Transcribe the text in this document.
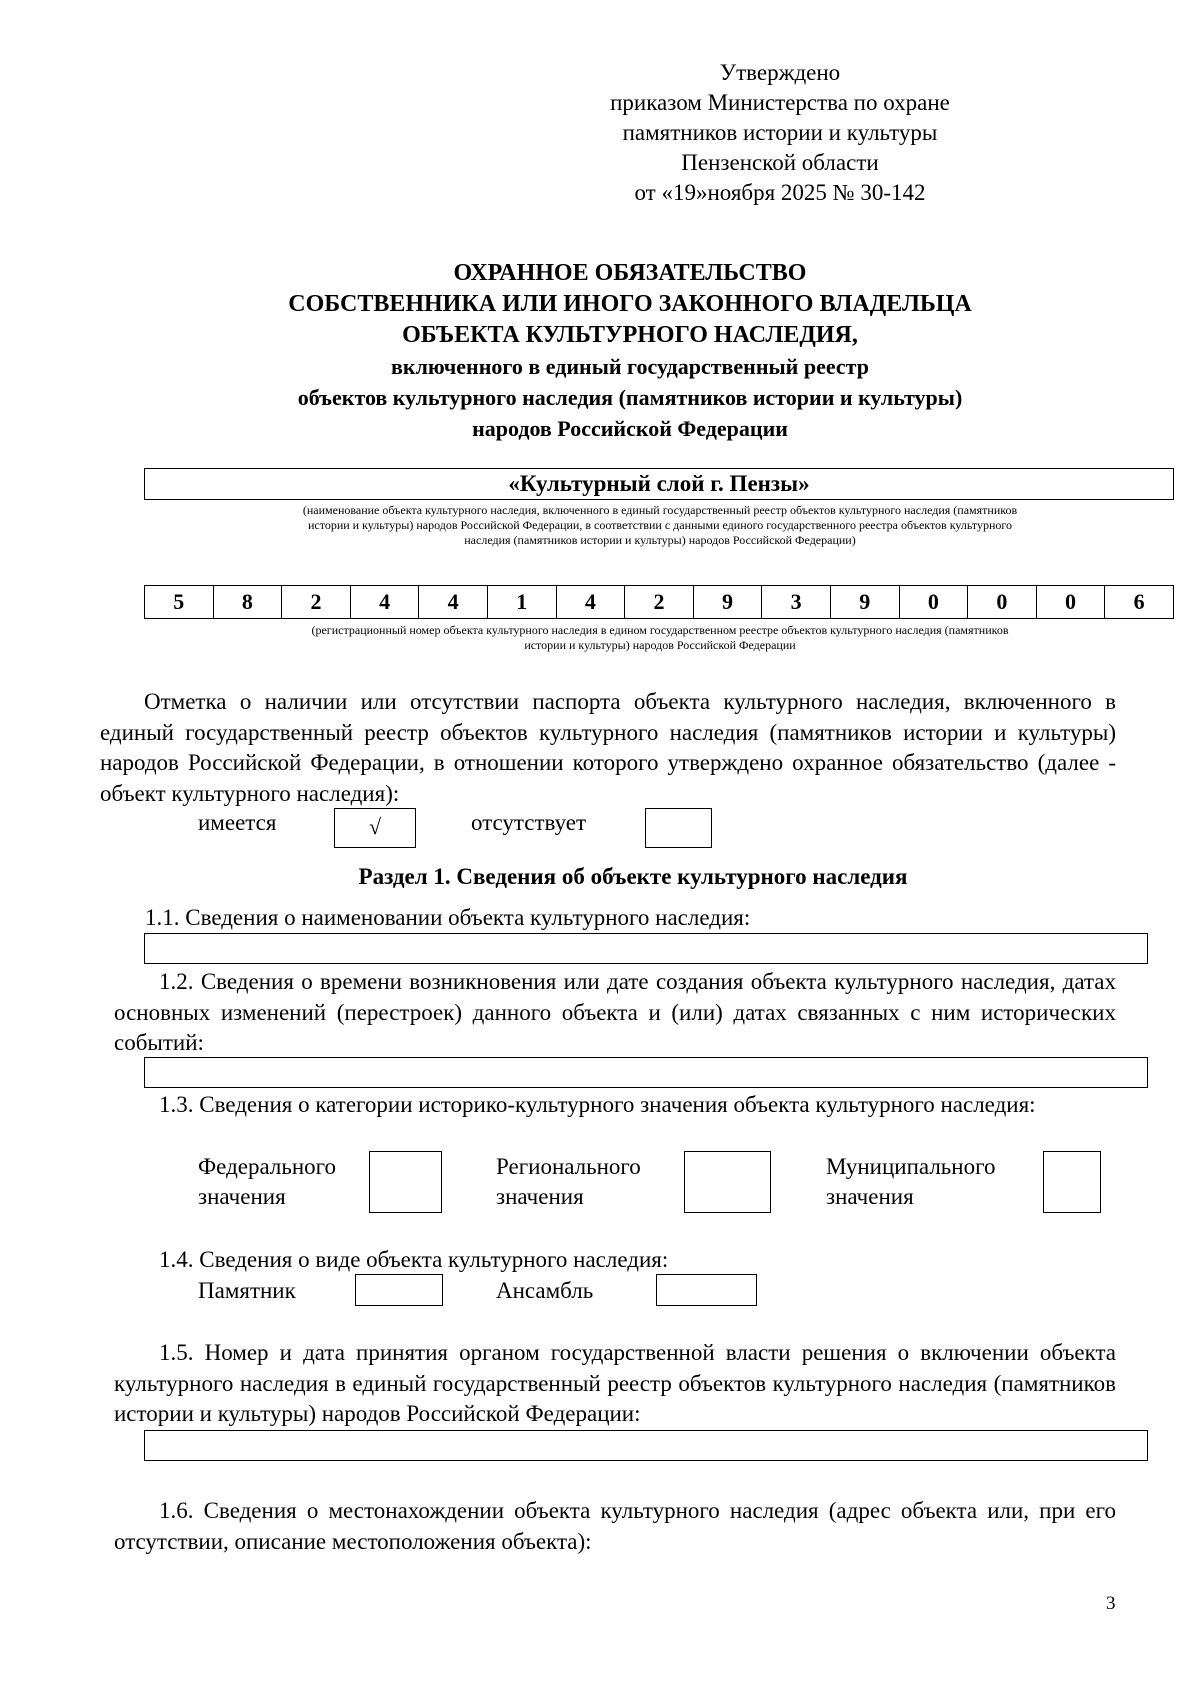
Утверждено
приказом Министерства по охране
памятников истории и культуры
Пензенской области
от «19»ноября 2025 № 30-142
ОХРАННОЕ ОБЯЗАТЕЛЬСТВО
СОБСТВЕННИКА ИЛИ ИНОГО ЗАКОННОГО ВЛАДЕЛЬЦА
ОБЪЕКТА КУЛЬТУРНОГО НАСЛЕДИЯ,
включенного в единый государственный реестр
объектов культурного наследия (памятников истории и культуры)
народов Российской Федерации
«Культурный слой г. Пензы»
(наименование объекта культурного наследия, включенного в единый государственный реестр объектов культурного наследия (памятников
истории и культуры) народов Российской Федерации, в соответствии с данными единого государственного реестра объектов культурного
наследия (памятников истории и культуры) народов Российской Федерации)
5	8	2	4	4	1	4	2	9	3	9	0	0	0	6
(регистрационный номер объекта культурного наследия в едином государственном реестре объектов культурного наследия (памятников
истории и культуры) народов Российской Федерации
Отметка о наличии или отсутствии паспорта объекта культурного наследия, включенного в единый государственный реестр объектов культурного наследия (памятников истории и культуры) народов Российской Федерации, в отношении которого утверждено охранное обязательство (далее - объект культурного наследия):
имеется	√	отсутствует
Раздел 1. Сведения об объекте культурного наследия
1.1. Сведения о наименовании объекта культурного наследия:
1.2. Сведения о времени возникновения или дате создания объекта культурного наследия, датах основных изменений (перестроек) данного объекта и (или) датах связанных с ним исторических событий:
1.3. Сведения о категории историко-культурного значения объекта культурного наследия:
Федерального
значения
Регионального
значения
Муниципального
значения
1.4. Сведения о виде объекта культурного наследия:
Памятник	Ансамбль
1.5. Номер и дата принятия органом государственной власти решения о включении объекта культурного наследия в единый государственный реестр объектов культурного наследия (памятников истории и культуры) народов Российской Федерации:
1.6. Сведения о местонахождении объекта культурного наследия (адрес объекта или, при его отсутствии, описание местоположения объекта):
3
